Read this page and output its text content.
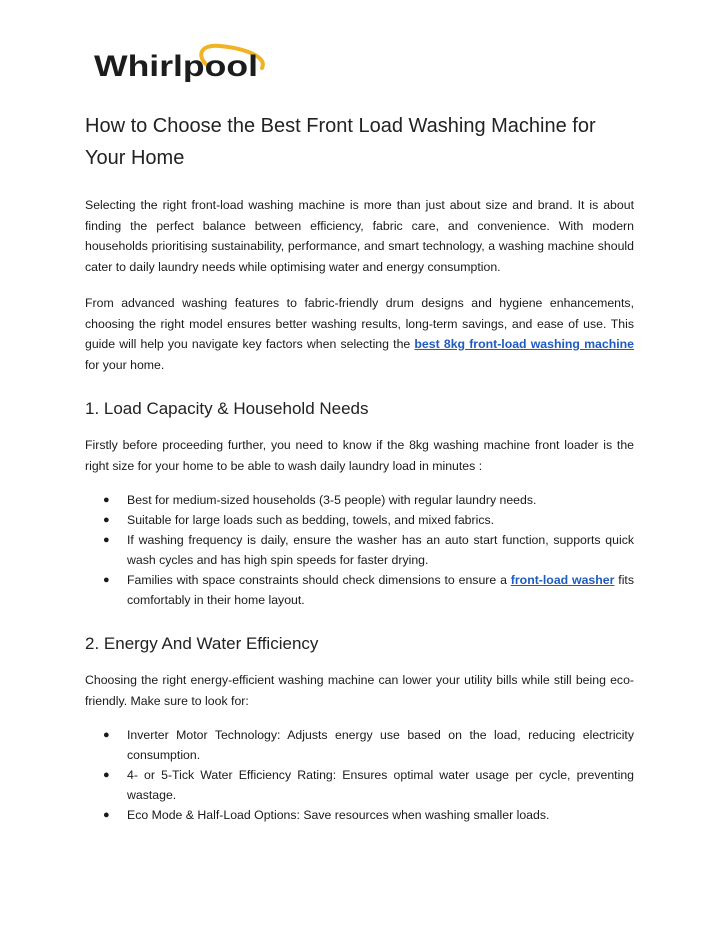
Whirlpool
How to Choose the Best Front Load Washing Machine for Your Home

Selecting the right front-load washing machine is more than just about size and brand. It is about finding the perfect balance between efficiency, fabric care, and convenience. With modern households prioritising sustainability, performance, and smart technology, a washing machine should cater to daily laundry needs while optimising water and energy consumption.

From advanced washing features to fabric-friendly drum designs and hygiene enhancements, choosing the right model ensures better washing results, long-term savings, and ease of use. This guide will help you navigate key factors when selecting the best 8kg front-load washing machine for your home.

1. Load Capacity & Household Needs

Firstly before proceeding further, you need to know if the 8kg washing machine front loader is the right size for your home to be able to wash daily laundry load in minutes :

● Best for medium-sized households (3-5 people) with regular laundry needs.
● Suitable for large loads such as bedding, towels, and mixed fabrics.
● If washing frequency is daily, ensure the washer has an auto start function, supports quick wash cycles and has high spin speeds for faster drying.
● Families with space constraints should check dimensions to ensure a front-load washer fits comfortably in their home layout.
2. Energy And Water Efficiency

Choosing the right energy-efficient washing machine can lower your utility bills while still being eco-friendly. Make sure to look for:

● Inverter Motor Technology: Adjusts energy use based on the load, reducing electricity consumption.
● 4- or 5-Tick Water Efficiency Rating: Ensures optimal water usage per cycle, preventing wastage.
● Eco Mode & Half-Load Options: Save resources when washing smaller loads.
